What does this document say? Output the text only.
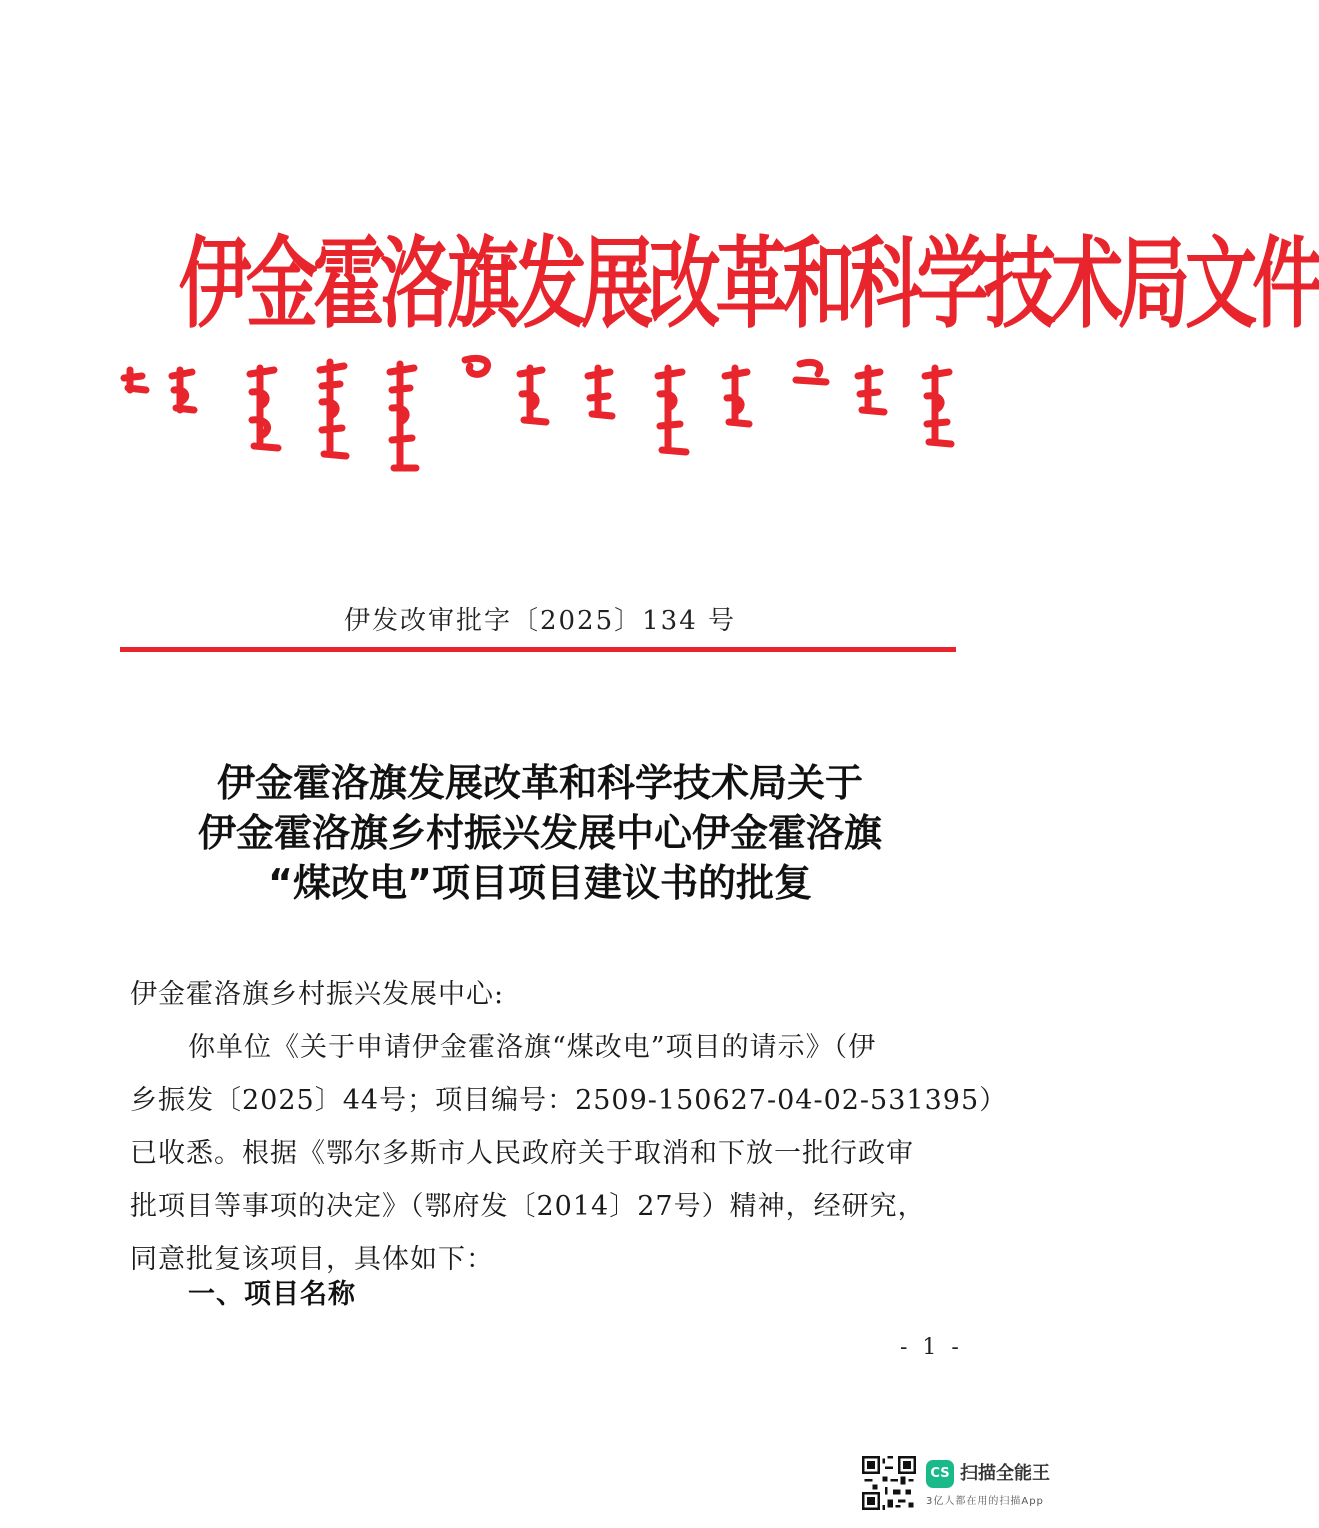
伊金霍洛旗发展改革和科学技术局文件
伊发改审批字〔2025〕134 号
伊金霍洛旗发展改革和科学技术局关于
伊金霍洛旗乡村振兴发展中心伊金霍洛旗
“煤改电”项目项目建议书的批复
伊金霍洛旗乡村振兴发展中心:
你单位《关于申请伊金霍洛旗“煤改电”项目的请示》（伊
乡振发〔2025〕44号；项目编号：2509-150627-04-02-531395）
已收悉。根据《鄂尔多斯市人民政府关于取消和下放一批行政审
批项目等事项的决定》（鄂府发〔2014〕27号）精神，经研究，
同意批复该项目，具体如下：
一、项目名称
- 1 -
CS 扫描全能王
3亿人都在用的扫描App
